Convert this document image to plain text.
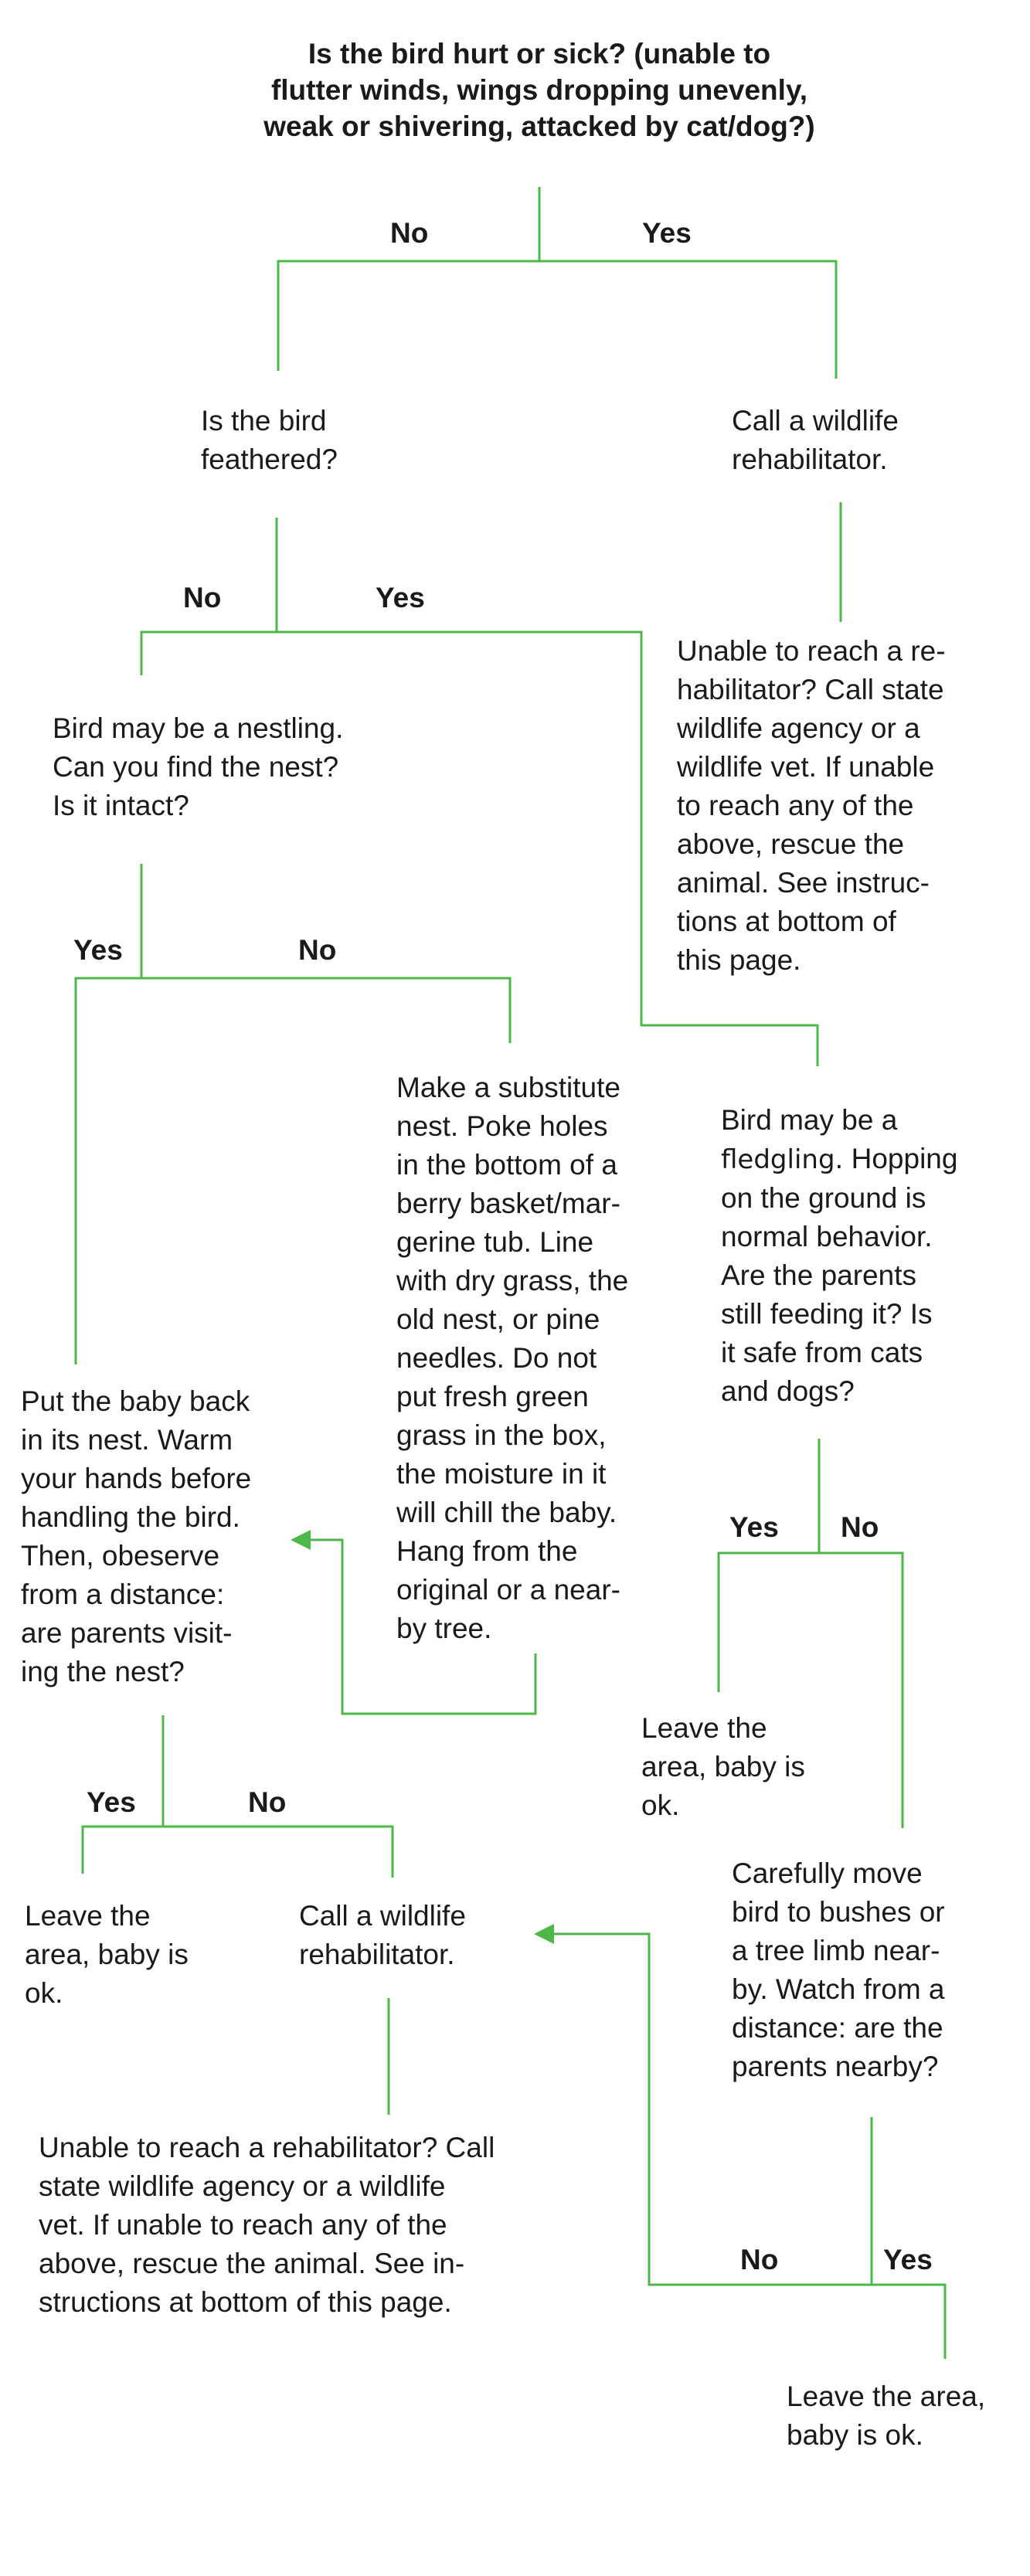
Is the bird hurt or sick? (unable to
flutter winds, wings dropping unevenly,
weak or shivering, attacked by cat/dog?)

No	Yes

Is the bird
feathered?

Call a wildlife
rehabilitator.

No	Yes

Unable to reach a re-
habilitator? Call state
wildlife agency or a
wildlife vet. If unable
to reach any of the
above, rescue the
animal. See instruc-
tions at bottom of
this page.

Bird may be a nestling.
Can you find the nest?
Is it intact?

Yes	No

Make a substitute
nest. Poke holes
in the bottom of a
berry basket/mar-
gerine tub. Line
with dry grass, the
old nest, or pine
needles. Do not
put fresh green
grass in the box,
the moisture in it
will chill the baby.
Hang from the
original or a near-
by tree.

Bird may be a
fledgling. Hopping
on the ground is
normal behavior.
Are the parents
still feeding it? Is
it safe from cats
and dogs?

Put the baby back
in its nest. Warm
your hands before
handling the bird.
Then, obeserve
from a distance:
are parents visit-
ing the nest?

Yes No

Leave the
area, baby is
ok.

Yes	No

Carefully move
bird to bushes or
a tree limb near-
by. Watch from a
distance: are the
parents nearby?

Leave the
area, baby is
ok.

Call a wildlife
rehabilitator.

Unable to reach a rehabilitator? Call
state wildlife agency or a wildlife
vet. If unable to reach any of the
above, rescue the animal. See in-
structions at bottom of this page.

No	Yes

Leave the area,
baby is ok.
